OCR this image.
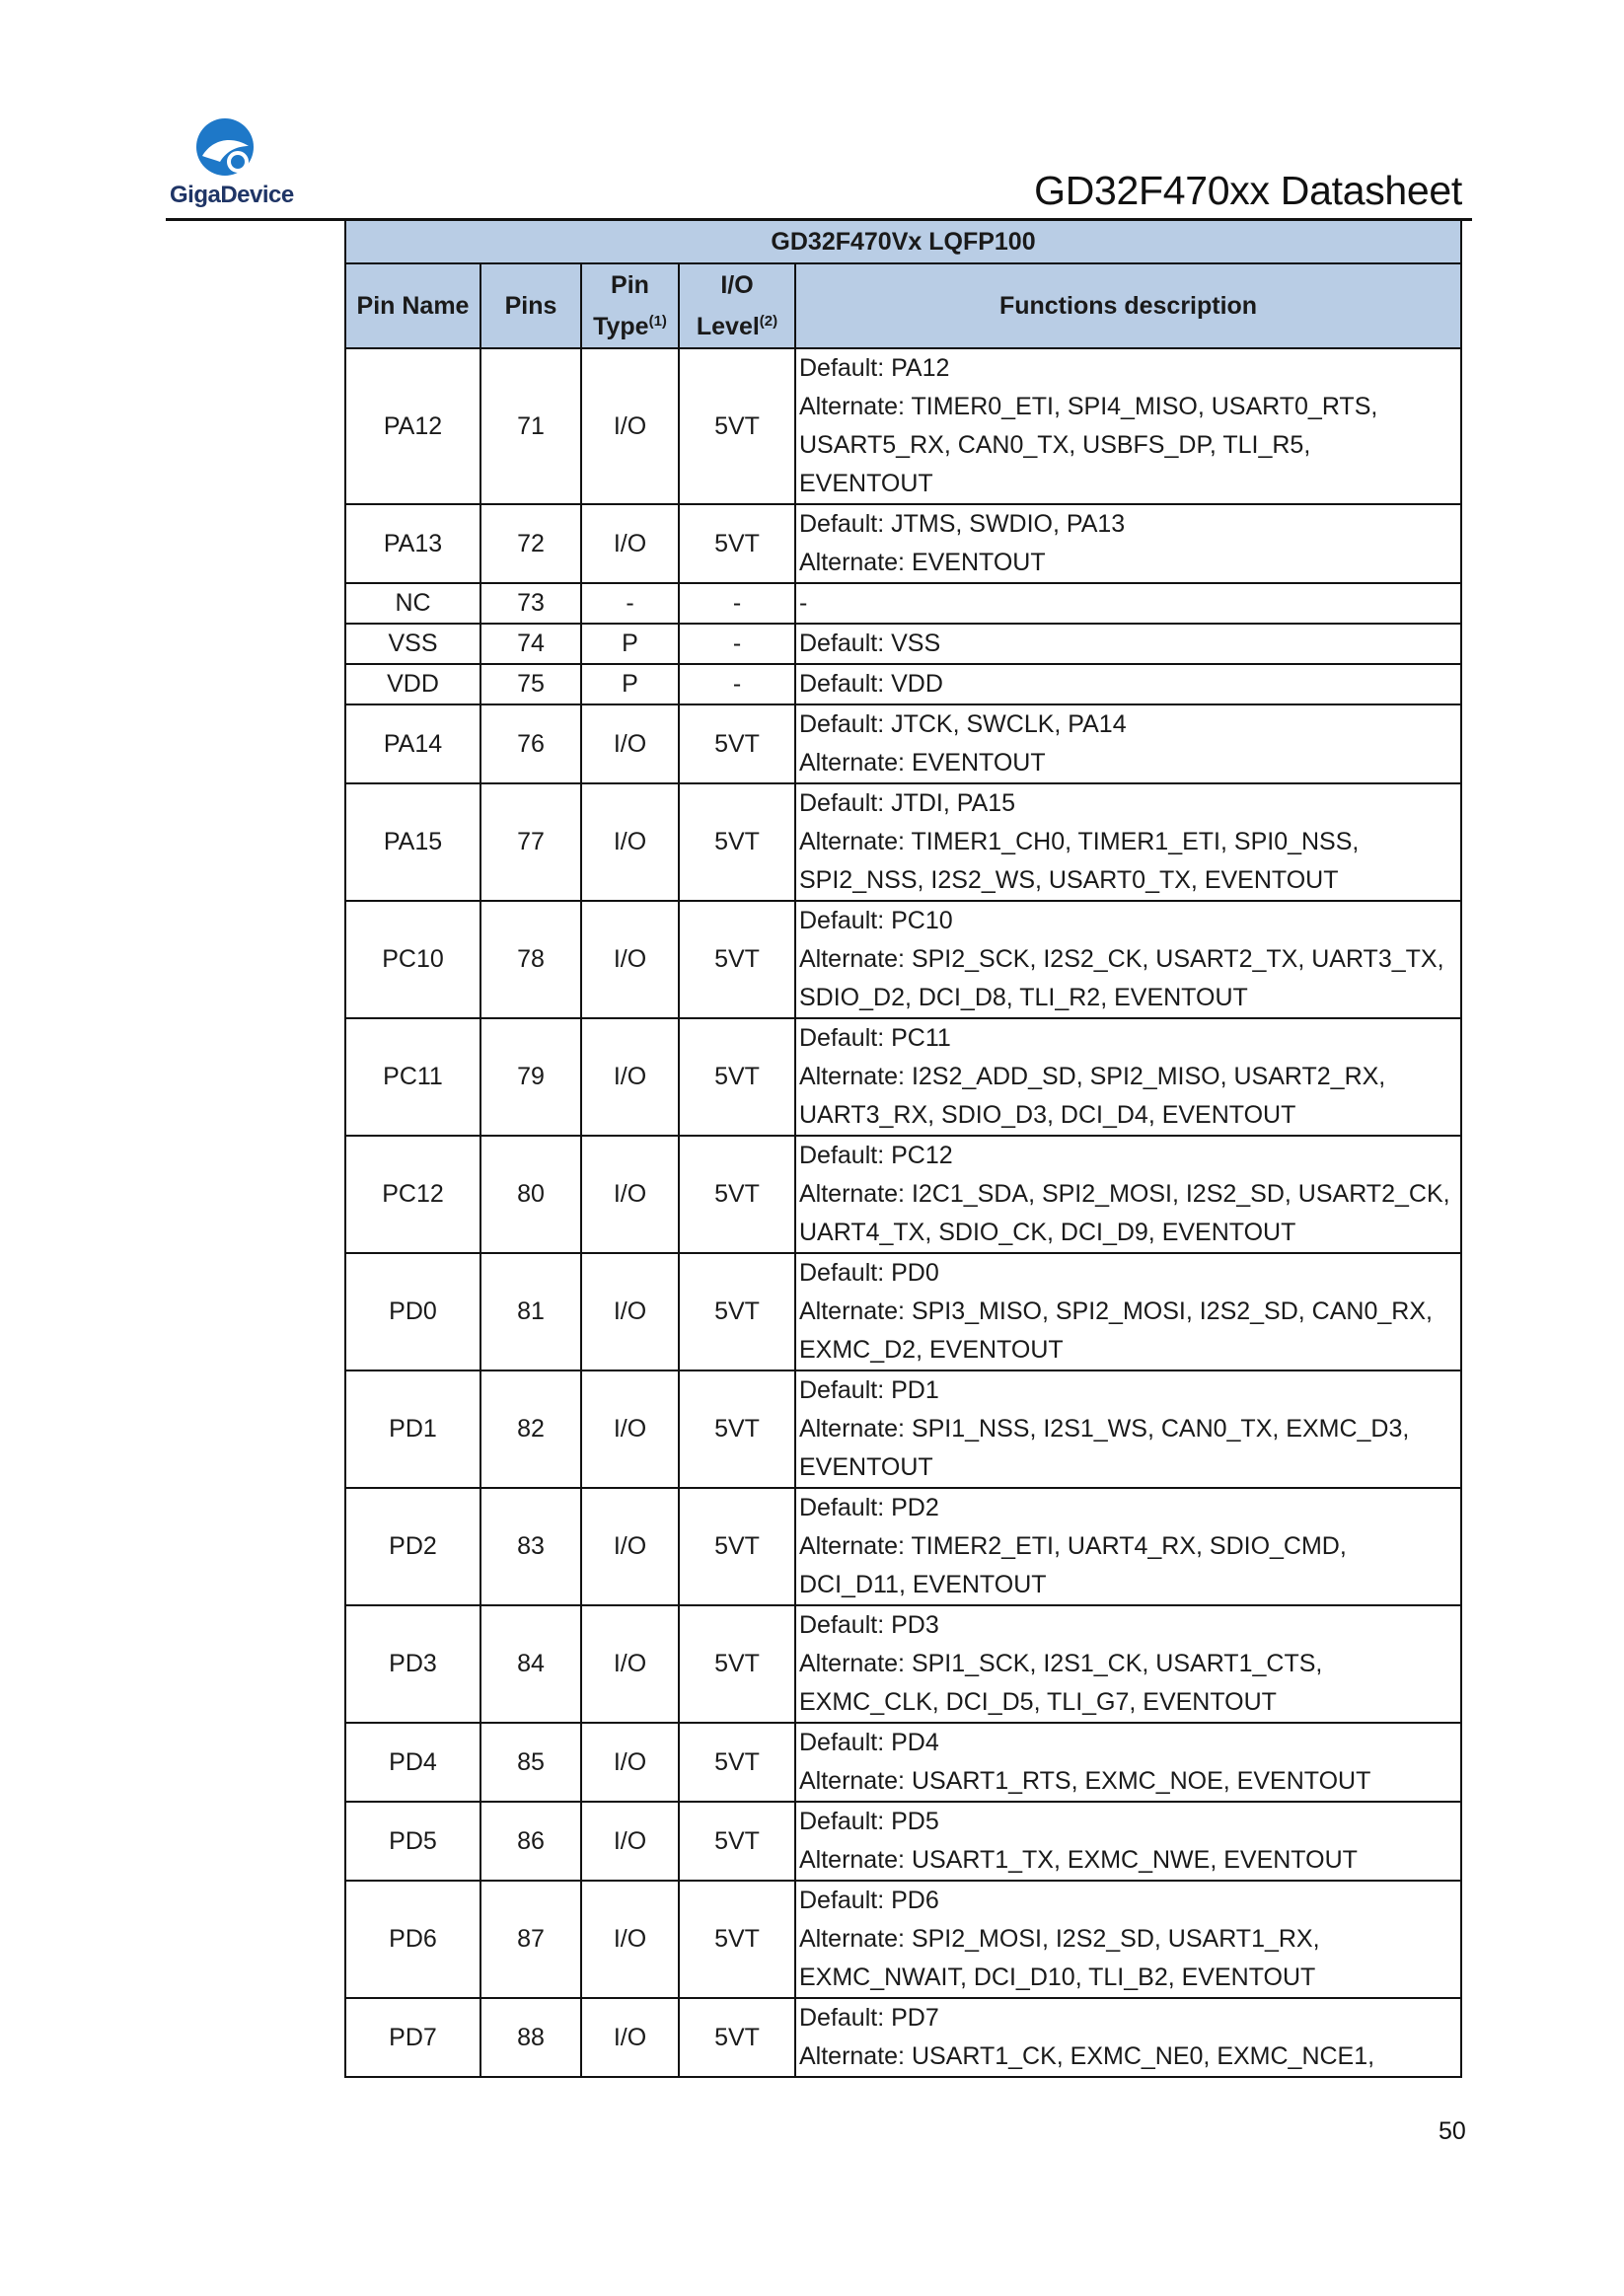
GigaDevice	GD32F470xx Datasheet
GD32F470Vx LQFP100				
Pin Name	Pins	Pin Type$^{(1)}$	I/O Level$^{(2)}$	Functions description
PA12	71	I/O	5VT	Default: PA12
Alternate: TIMER0_ETI, SPI4_MISO, USART0_RTS,
USART5_RX, CAN0_TX, USBFS_DP, TLI_R5,
EVENTOUT

PA13	72	I/O	5VT	Default: JTMS, SWDIO, PA13
Alternate: EVENTOUT

NC	73	-	-	-

VSS	74	P	-	Default: VSS

VDD	75	P	-	Default: VDD

PA14	76	I/O	5VT	Default: JTCK, SWCLK, PA14
Alternate: EVENTOUT

PA15	77	I/O	5VT	Default: JTDI, PA15
Alternate: TIMER1_CH0, TIMER1_ETI, SPI0_NSS,
SPI2_NSS, I2S2_WS, USART0_TX, EVENTOUT

PC10	78	I/O	5VT	Default: PC10
Alternate: SPI2_SCK, I2S2_CK, USART2_TX, UART3_TX,
SDIO_D2, DCI_D8, TLI_R2, EVENTOUT

PC11	79	I/O	5VT	Default: PC11
Alternate: I2S2_ADD_SD, SPI2_MISO, USART2_RX,
UART3_RX, SDIO_D3, DCI_D4, EVENTOUT

PC12	80	I/O	5VT	Default: PC12
Alternate: I2C1_SDA, SPI2_MOSI, I2S2_SD, USART2_CK,
UART4_TX, SDIO_CK, DCI_D9, EVENTOUT

PD0	81	I/O	5VT	Default: PD0
Alternate: SPI3_MISO, SPI2_MOSI, I2S2_SD, CAN0_RX,
EXMC_D2, EVENTOUT

PD1	82	I/O	5VT	Default: PD1
Alternate: SPI1_NSS, I2S1_WS, CAN0_TX, EXMC_D3,
EVENTOUT

PD2	83	I/O	5VT	Default: PD2
Alternate: TIMER2_ETI, UART4_RX, SDIO_CMD,
DCI_D11, EVENTOUT

PD3	84	I/O	5VT	Default: PD3
Alternate: SPI1_SCK, I2S1_CK, USART1_CTS,
EXMC_CLK, DCI_D5, TLI_G7, EVENTOUT

PD4	85	I/O	5VT	Default: PD4
Alternate: USART1_RTS, EXMC_NOE, EVENTOUT

PD5	86	I/O	5VT	Default: PD5
Alternate: USART1_TX, EXMC_NWE, EVENTOUT

PD6	87	I/O	5VT	Default: PD6
Alternate: SPI2_MOSI, I2S2_SD, USART1_RX,
EXMC_NWAIT, DCI_D10, TLI_B2, EVENTOUT

PD7	88	I/O	5VT	Default: PD7
Alternate: USART1_CK, EXMC_NE0, EXMC_NCE1,
50
